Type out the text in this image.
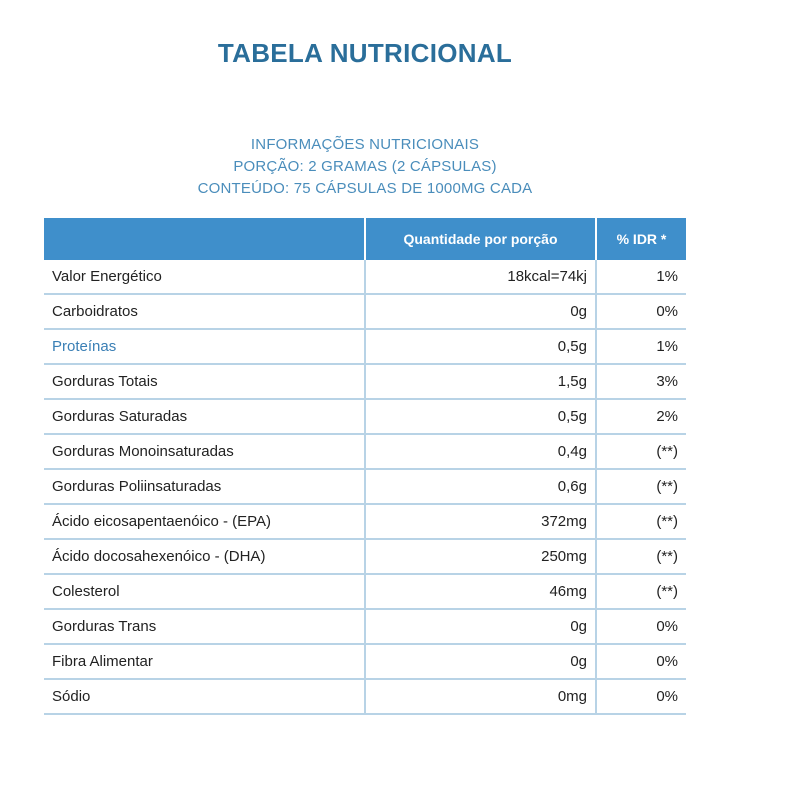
TABELA NUTRICIONAL
INFORMAÇÕES NUTRICIONAIS
PORÇÃO: 2 GRAMAS (2 CÁPSULAS)
CONTEÚDO: 75 CÁPSULAS DE 1000MG CADA
	Quantidade por porção	% IDR *
Valor Energético	18kcal=74kj	1%
Carboidratos	0g	0%
Proteínas	0,5g	1%
Gorduras Totais	1,5g	3%
Gorduras Saturadas	0,5g	2%
Gorduras Monoinsaturadas	0,4g	(**)
Gorduras Poliinsaturadas	0,6g	(**)
Ácido eicosapentaenóico - (EPA)	372mg	(**)
Ácido docosahexenóico - (DHA)	250mg	(**)
Colesterol	46mg	(**)
Gorduras Trans	0g	0%
Fibra Alimentar	0g	0%
Sódio	0mg	0%
